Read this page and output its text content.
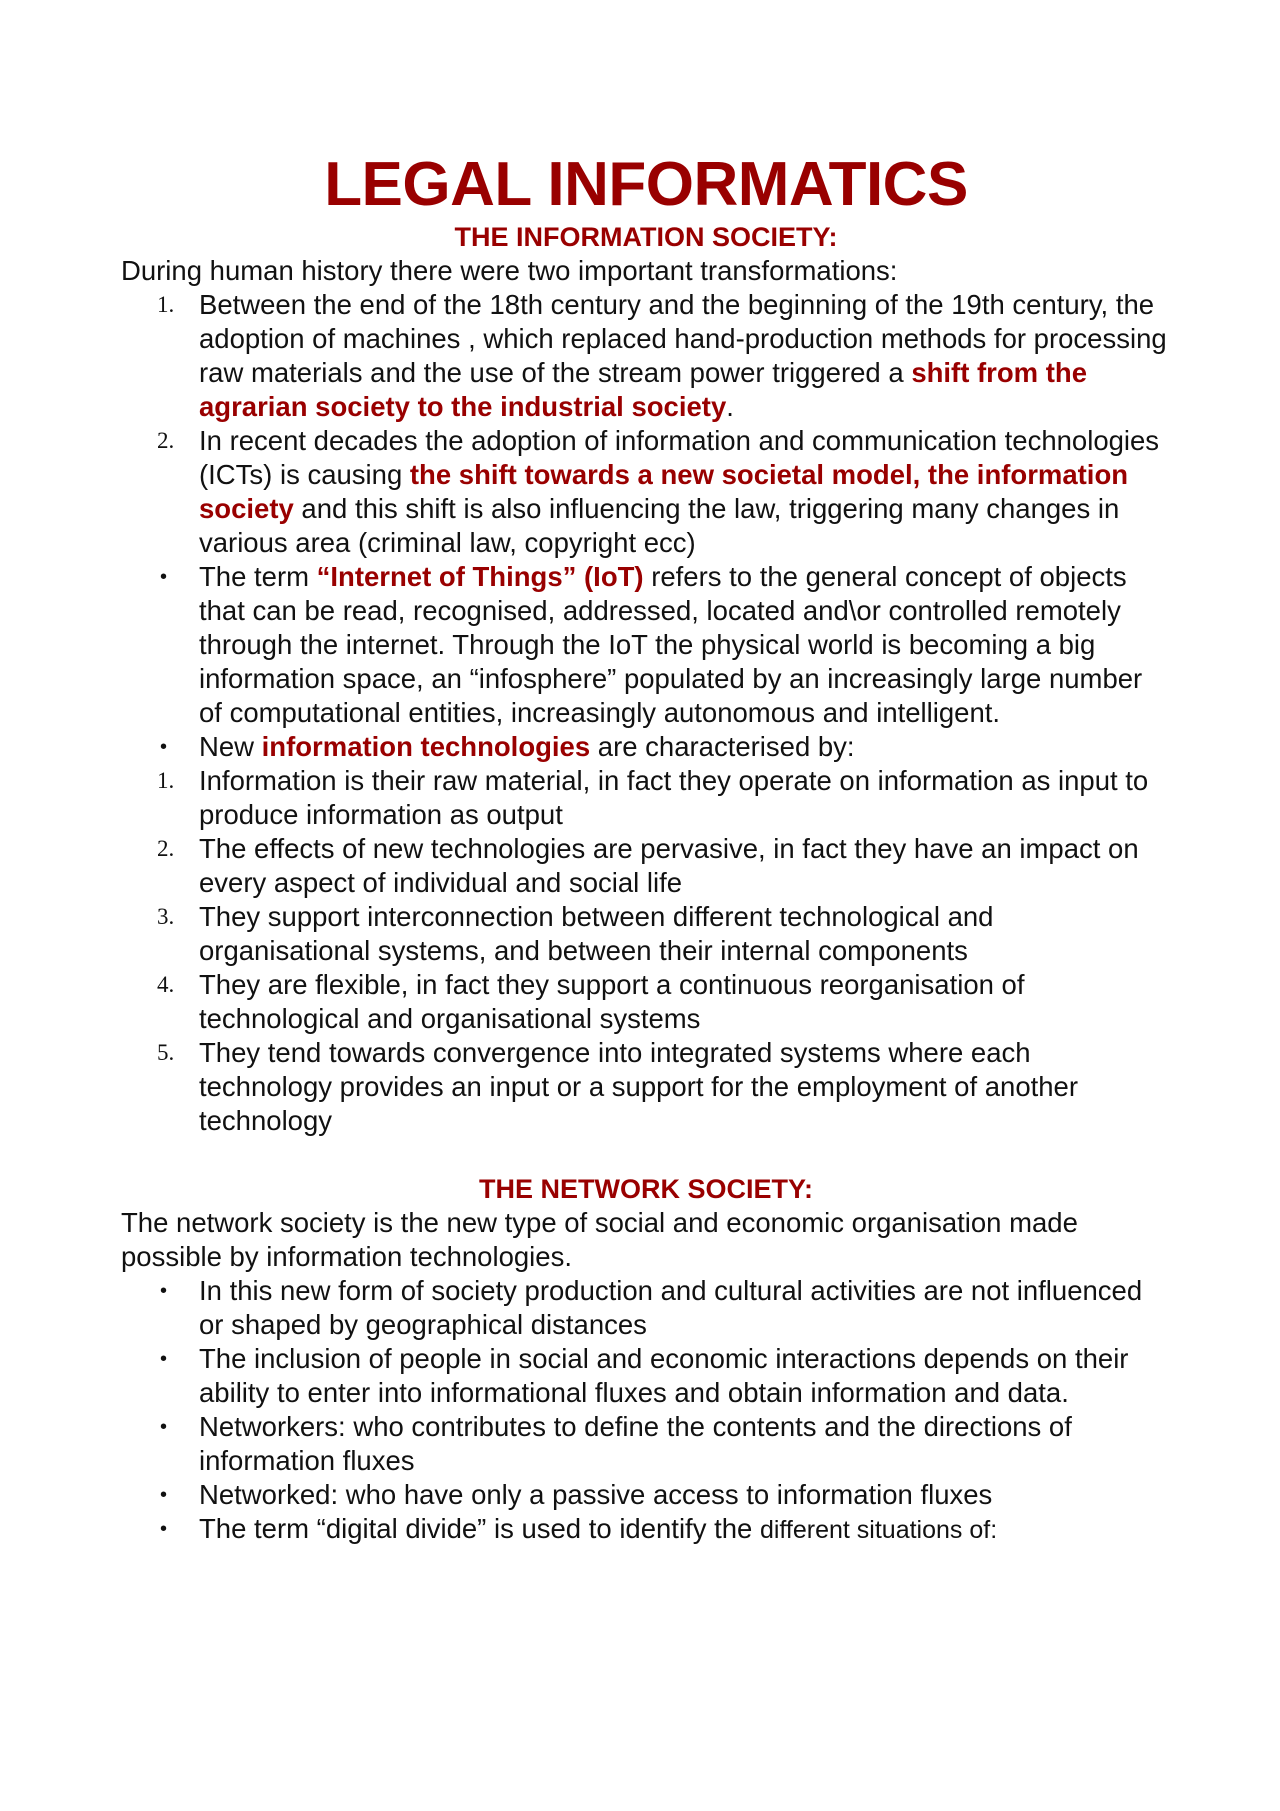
LEGAL INFORMATICS
THE INFORMATION SOCIETY:

During human history there were two important transformations:

1. Between the end of the 18th century and the beginning of the 19th century, the adoption of machines , which replaced hand-production methods for processing raw materials and the use of the stream power triggered a shift from the agrarian society to the industrial society.
2. In recent decades the adoption of information and communication technologies (ICTs) is causing the shift towards a new societal model, the information society and this shift is also influencing the law, triggering many changes in various area (criminal law, copyright ecc)
• The term “Internet of Things” (IoT) refers to the general concept of objects that can be read, recognised, addressed, located and\or controlled remotely through the internet. Through the IoT the physical world is becoming a big information space, an “infosphere” populated by an increasingly large number of computational entities, increasingly autonomous and intelligent.
• New information technologies are characterised by:
1. Information is their raw material, in fact they operate on information as input to produce information as output
2. The effects of new technologies are pervasive, in fact they have an impact on every aspect of individual and social life
3. They support interconnection between different technological and organisational systems, and between their internal components
4. They are flexible, in fact they support a continuous reorganisation of technological and organisational systems
5. They tend towards convergence into integrated systems where each technology provides an input or a support for the employment of another technology
THE NETWORK SOCIETY:

The network society is the new type of social and economic organisation made possible by information technologies.

• In this new form of society production and cultural activities are not influenced or shaped by geographical distances
• The inclusion of people in social and economic interactions depends on their ability to enter into informational fluxes and obtain information and data.
• Networkers: who contributes to define the contents and the directions of information fluxes
• Networked: who have only a passive access to information fluxes
• The term “digital divide” is used to identify the different situations of:
